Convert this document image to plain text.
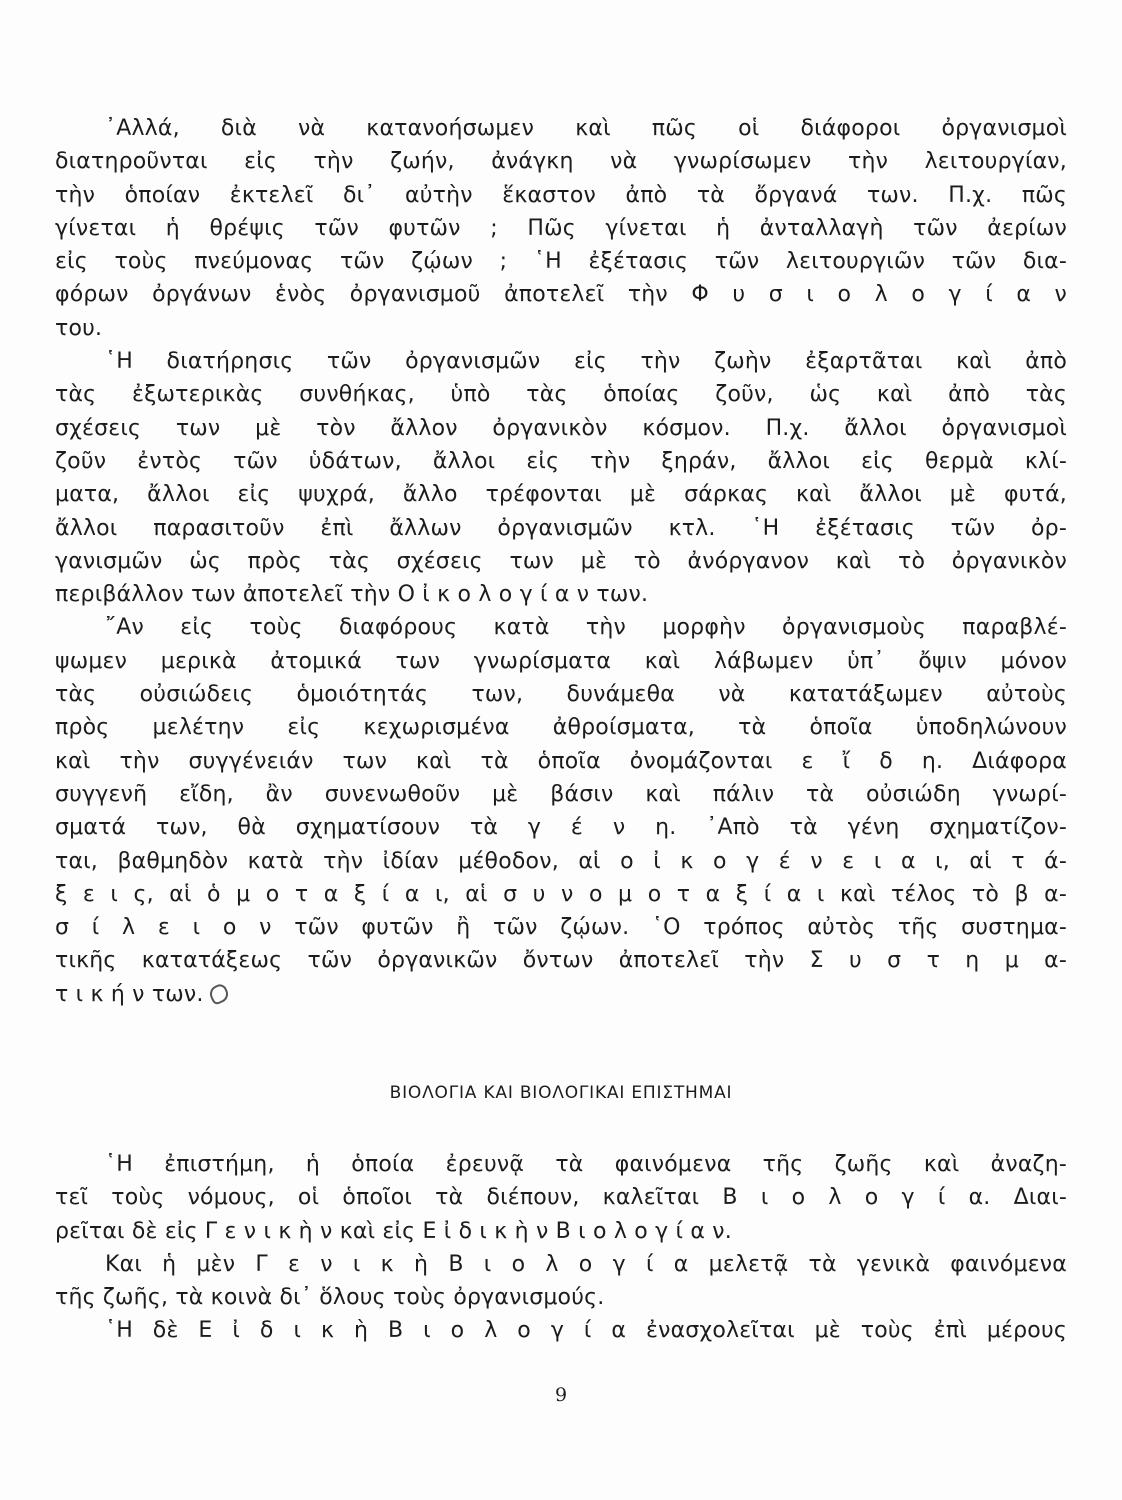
᾽Αλλά, διὰ νὰ κατανοήσωμεν καὶ πῶς οἱ διάφοροι ὀργανισμοὶ
διατηροῦνται εἰς τὴν ζωήν, ἀνάγκη νὰ γνωρίσωμεν τὴν λειτουργίαν,
τὴν ὁποίαν ἐκτελεῖ δι᾽ αὐτὴν ἕκαστον ἀπὸ τὰ ὄργανά των. Π.χ. πῶς
γίνεται ἡ θρέψις τῶν φυτῶν ; Πῶς γίνεται ἡ ἀνταλλαγὴ τῶν ἀερίων
εἰς τοὺς πνεύμονας τῶν ζῴων ; ῾Η ἐξέτασις τῶν λειτουργιῶν τῶν δια-
φόρων ὀργάνων ἑνὸς ὀργανισμοῦ ἀποτελεῖ τὴν Φ υ σ ι ο λ ο γ ί α ν
του.
῾Η διατήρησις τῶν ὀργανισμῶν εἰς τὴν ζωὴν ἐξαρτᾶται καὶ ἀπὸ
τὰς ἐξωτερικὰς συνθήκας, ὑπὸ τὰς ὁποίας ζοῦν, ὡς καὶ ἀπὸ τὰς
σχέσεις των μὲ τὸν ἄλλον ὀργανικὸν κόσμον. Π.χ. ἄλλοι ὀργανισμοὶ
ζοῦν ἐντὸς τῶν ὑδάτων, ἄλλοι εἰς τὴν ξηράν, ἄλλοι εἰς θερμὰ κλί-
ματα, ἄλλοι εἰς ψυχρά, ἄλλο τρέφονται μὲ σάρκας καὶ ἄλλοι μὲ φυτά,
ἄλλοι παρασιτοῦν ἐπὶ ἄλλων ὀργανισμῶν κτλ. ῾Η ἐξέτασις τῶν ὀρ-
γανισμῶν ὡς πρὸς τὰς σχέσεις των μὲ τὸ ἀνόργανον καὶ τὸ ὀργανικὸν
περιβάλλον των ἀποτελεῖ τὴν Ο ἰ κ ο λ ο γ ί α ν των.
῎Αν εἰς τοὺς διαφόρους κατὰ τὴν μορφὴν ὀργανισμοὺς παραβλέ-
ψωμεν μερικὰ ἀτομικά των γνωρίσματα καὶ λάβωμεν ὑπ᾽ ὄψιν μόνον
τὰς οὐσιώδεις ὁμοιότητάς των, δυνάμεθα νὰ κατατάξωμεν αὐτοὺς
πρὸς μελέτην εἰς κεχωρισμένα ἀθροίσματα, τὰ ὁποῖα ὑποδηλώνουν
καὶ τὴν συγγένειάν των καὶ τὰ ὁποῖα ὀνομάζονται ε ἴ δ η. Διάφορα
συγγενῆ εἴδη, ἂν συνενωθοῦν μὲ βάσιν καὶ πάλιν τὰ οὐσιώδη γνωρί-
σματά των, θὰ σχηματίσουν τὰ γ έ ν η. ᾽Απὸ τὰ γένη σχηματίζον-
ται, βαθμηδὸν κατὰ τὴν ἰδίαν μέθοδον, αἱ ο ἰ κ ο γ έ ν ε ι α ι, αἱ τ ά-
ξ ε ι ς, αἱ ὁ μ ο τ α ξ ί α ι, αἱ σ υ ν ο μ ο τ α ξ ί α ι καὶ τέλος τὸ β α-
σ ί λ ε ι ο ν τῶν φυτῶν ἢ τῶν ζῴων. ῾Ο τρόπος αὐτὸς τῆς συστημα-
τικῆς κατατάξεως τῶν ὀργανικῶν ὄντων ἀποτελεῖ τὴν Σ υ σ τ η μ α-
τ ι κ ή ν των.
ΒΙΟΛΟΓΙΑ ΚΑΙ ΒΙΟΛΟΓΙΚΑΙ ΕΠΙΣΤΗΜΑΙ
῾Η ἐπιστήμη, ἡ ὁποία ἐρευνᾷ τὰ φαινόμενα τῆς ζωῆς καὶ ἀναζη-
τεῖ τοὺς νόμους, οἱ ὁποῖοι τὰ διέπουν, καλεῖται Β ι ο λ ο γ ί α. Διαι-
ρεῖται δὲ εἰς Γ ε ν ι κ ὴ ν καὶ εἰς Ε ἰ δ ι κ ὴ ν Β ι ο λ ο γ ί α ν.
Και ἡ μὲν Γ ε ν ι κ ὴ Β ι ο λ ο γ ί α μελετᾷ τὰ γενικὰ φαινόμενα
τῆς ζωῆς, τὰ κοινὰ δι᾽ ὅλους τοὺς ὀργανισμούς.
῾Η δὲ Ε ἰ δ ι κ ὴ Β ι ο λ ο γ ί α ἐνασχολεῖται μὲ τοὺς ἐπὶ μέρους
9
